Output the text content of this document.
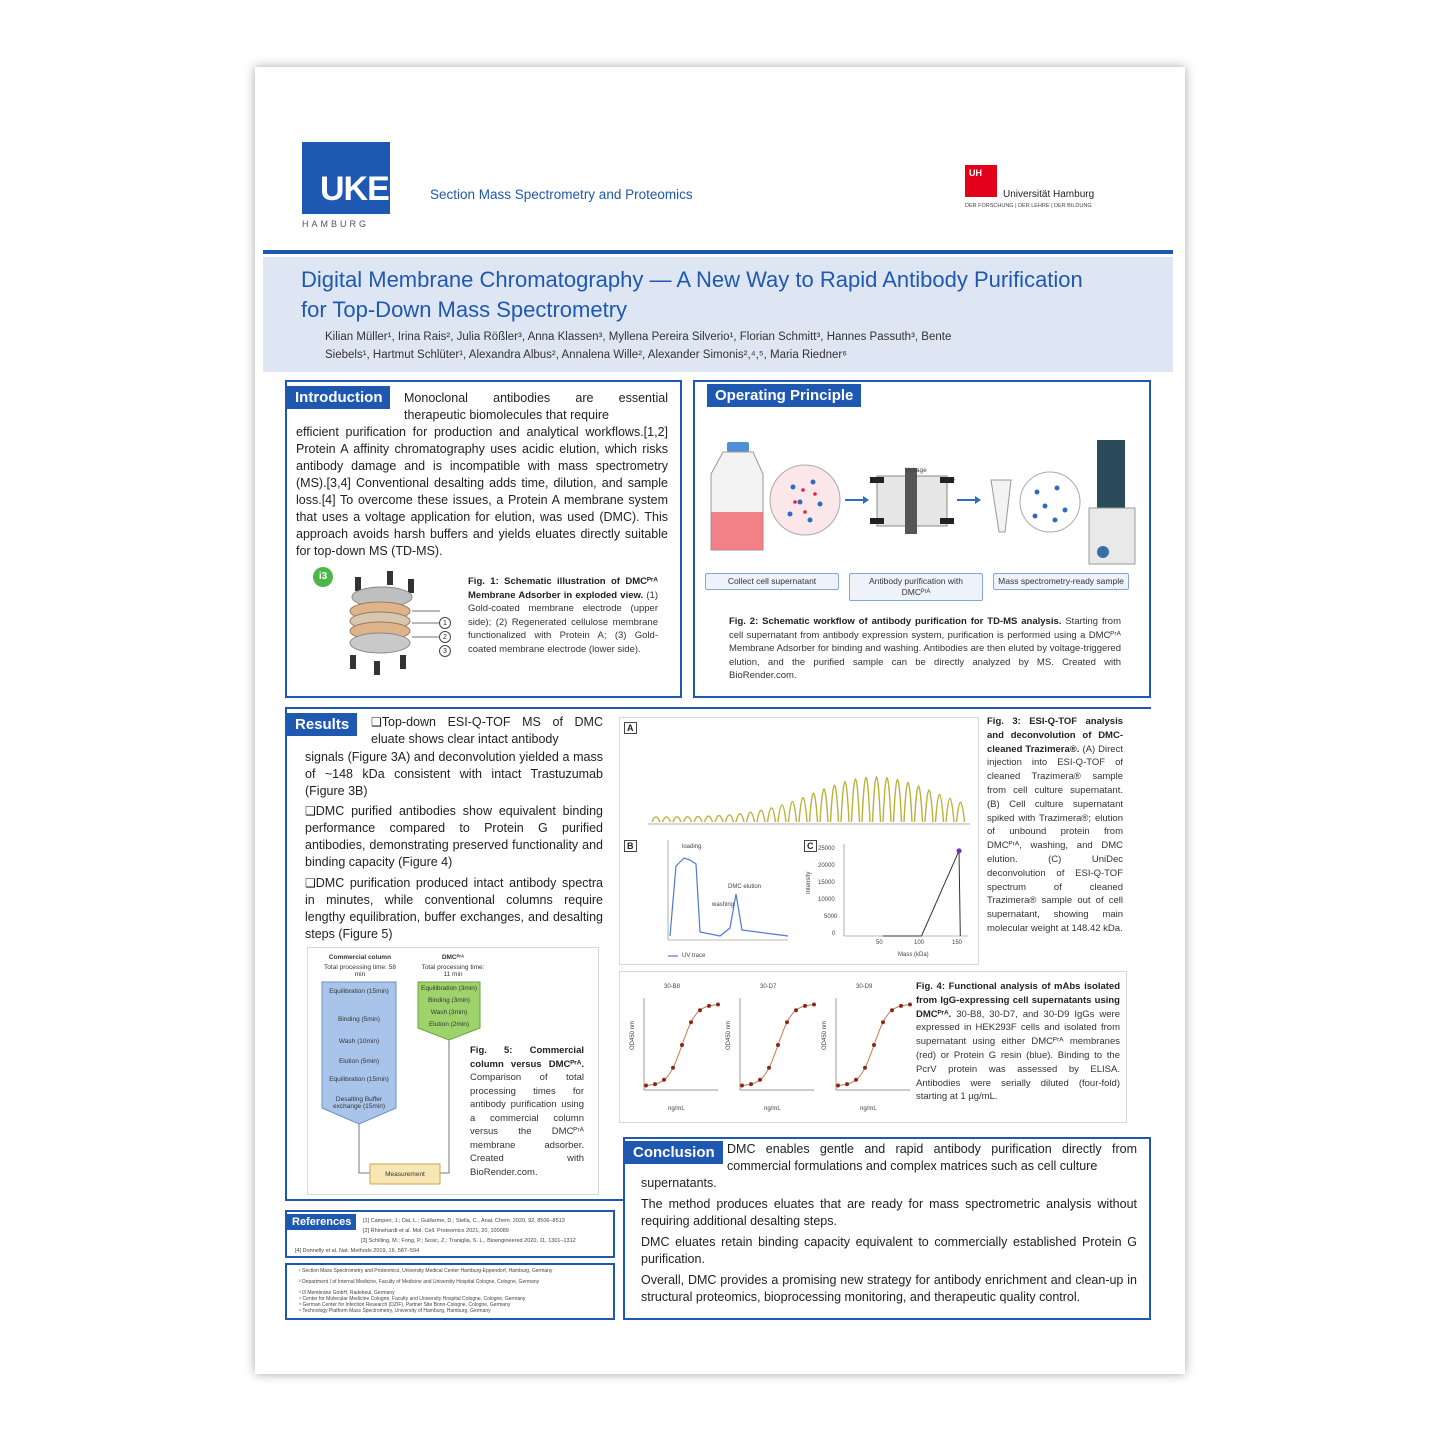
UKE
HAMBURG
Section Mass Spectrometry and Proteomics
UH
Universität Hamburg
DER FORSCHUNG | DER LEHRE | DER BILDUNG
Digital Membrane Chromatography — A New Way to Rapid Antibody Purification
for Top-Down Mass Spectrometry
Kilian Müller¹, Irina Rais², Julia Rößler³, Anna Klassen³, Myllena Pereira Silverio¹, Florian Schmitt³, Hannes Passuth³, Bente
Siebels¹, Hartmut Schlüter¹, Alexandra Albus², Annalena Wille², Alexander Simonis²,⁴,⁵, Maria Riedner⁶
Introduction	Monoclonal antibodies are essential therapeutic biomolecules that require
efficient purification for production and analytical workflows.[1,2] Protein A affinity chromatography uses acidic elution, which risks antibody damage and is incompatible with mass spectrometry (MS).[3,4] Conventional desalting adds time, dilution, and sample loss.[4] To overcome these issues, a Protein A membrane system that uses a voltage application for elution, was used (DMC). This approach avoids harsh buffers and yields eluates directly suitable for top-down MS (TD-MS).
i3
1
2
3
Fig. 1: Schematic illustration of DMCᴾʳᴬ Membrane Adsorber in exploded view. (1) Gold-coated membrane electrode (upper side); (2) Regenerated cellulose membrane functionalized with Protein A; (3) Gold-coated membrane electrode (lower side).
Operating Principle
Voltage
+	−
Collect cell supernatant	Antibody purification with DMCᴾʳᴬ
Mass spectrometry-ready sample
Fig. 2: Schematic workflow of antibody purification for TD-MS analysis. Starting from cell supernatant from antibody expression system, purification is performed using a DMCᴾʳᴬ Membrane Adsorber for binding and washing. Antibodies are then eluted by voltage-triggered elution, and the purified sample can be directly analyzed by MS. Created with BioRender.com.
Results
❑	Top-down ESI-Q-TOF MS of DMC eluate shows clear intact antibody
signals (Figure 3A) and deconvolution yielded a mass of ~148 kDa consistent with intact Trastuzumab (Figure 3B)
❑ DMC purified antibodies show equivalent binding performance compared to Protein G purified antibodies, demonstrating preserved functionality and binding capacity (Figure 4)
❑ DMC purification produced intact antibody spectra in minutes, while conventional columns require lengthy equilibration, buffer exchanges, and desalting steps (Figure 5)
Commercial column
Total processing time: 58 min
DMCᴾʳᴬ
Total processing time: 11 min
Equilibration (15min)
Binding (5min)
Wash (10min)
Elution (5min)
Equilibration (15min)
Desalting Buffer exchange (15min)
Equilibration (3min)
Binding (3min)
Wash (3min)
Elution (2min)
Measurement
Fig. 5: Commercial column versus DMCᴾʳᴬ. Comparison of total processing times for antibody purification using a commercial column versus the DMCᴾʳᴬ membrane adsorber. Created with BioRender.com.
A
B	loading
DMC elution
washing
UV trace
C
Intensity
25000
20000
15000
10000
5000
0
50	100	150
Mass (kDa)
Fig. 3: ESI-Q-TOF analysis and deconvolution of DMC-cleaned Trazimera®. (A) Direct injection into ESI-Q-TOF of cleaned Trazimera® sample from cell culture supernatant. (B) Cell culture supernatant spiked with Trazimera®; elution of unbound protein from DMCᴾʳᴬ, washing, and DMC elution. (C) UniDec deconvolution of ESI-Q-TOF spectrum of cleaned Trazimera® sample out of cell supernatant, showing main molecular weight at 148.42 kDa.
30-B8
OD450 nm
ng/mL
30-D7
OD450 nm
ng/mL
30-D9
OD450 nm
ng/mL
Fig. 4: Functional analysis of mAbs isolated from IgG-expressing cell supernatants using DMCᴾʳᴬ. 30-B8, 30-D7, and 30-D9 IgGs were expressed in HEK293F cells and isolated from supernatant using either DMCᴾʳᴬ membranes (red) or Protein G resin (blue). Binding to the PcrV protein was assessed by ELISA. Antibodies were serially diluted (four-fold) starting at 1 µg/mL.
References	[1] Camperi, J.; Dai, L.; Guillarme, D.; Stella, C., Anal. Chem. 2020, 92, 8506–8513
[2] Rhinehardt et al. Mol. Cell. Proteomics 2021, 20, 100089
[3] Schilling, M.; Fong, P.; Sosic, Z.; Traniglia, S. L., Bioengineered 2020, 11, 1301–1312
[4] Donnelly et al. Nat. Methods 2019, 16, 587–594
¹ Section Mass Spectrometry and Proteomics, University Medical Center Hamburg-Eppendorf, Hamburg, Germany
² Department I of Internal Medicine, Faculty of Medicine and University Hospital Cologne, Cologne, Germany
³ i3 Membrane GmbH, Radebeul, Germany
⁴ Center for Molecular Medicine Cologne, Faculty and University Hospital Cologne, Cologne, Germany
⁵ German Center for Infection Research (DZIF), Partner Site Bonn-Cologne, Cologne, Germany
⁶ Technology Platform Mass Spectrometry, University of Hamburg, Hamburg, Germany
Conclusion DMC enables gentle and rapid antibody purification directly from commercial formulations and complex matrices such as cell culture
supernatants.
The method produces eluates that are ready for mass spectrometric analysis without requiring additional desalting steps.
DMC eluates retain binding capacity equivalent to commercially established Protein G purification.
Overall, DMC provides a promising new strategy for antibody enrichment and clean-up in structural proteomics, bioprocessing monitoring, and therapeutic quality control.
